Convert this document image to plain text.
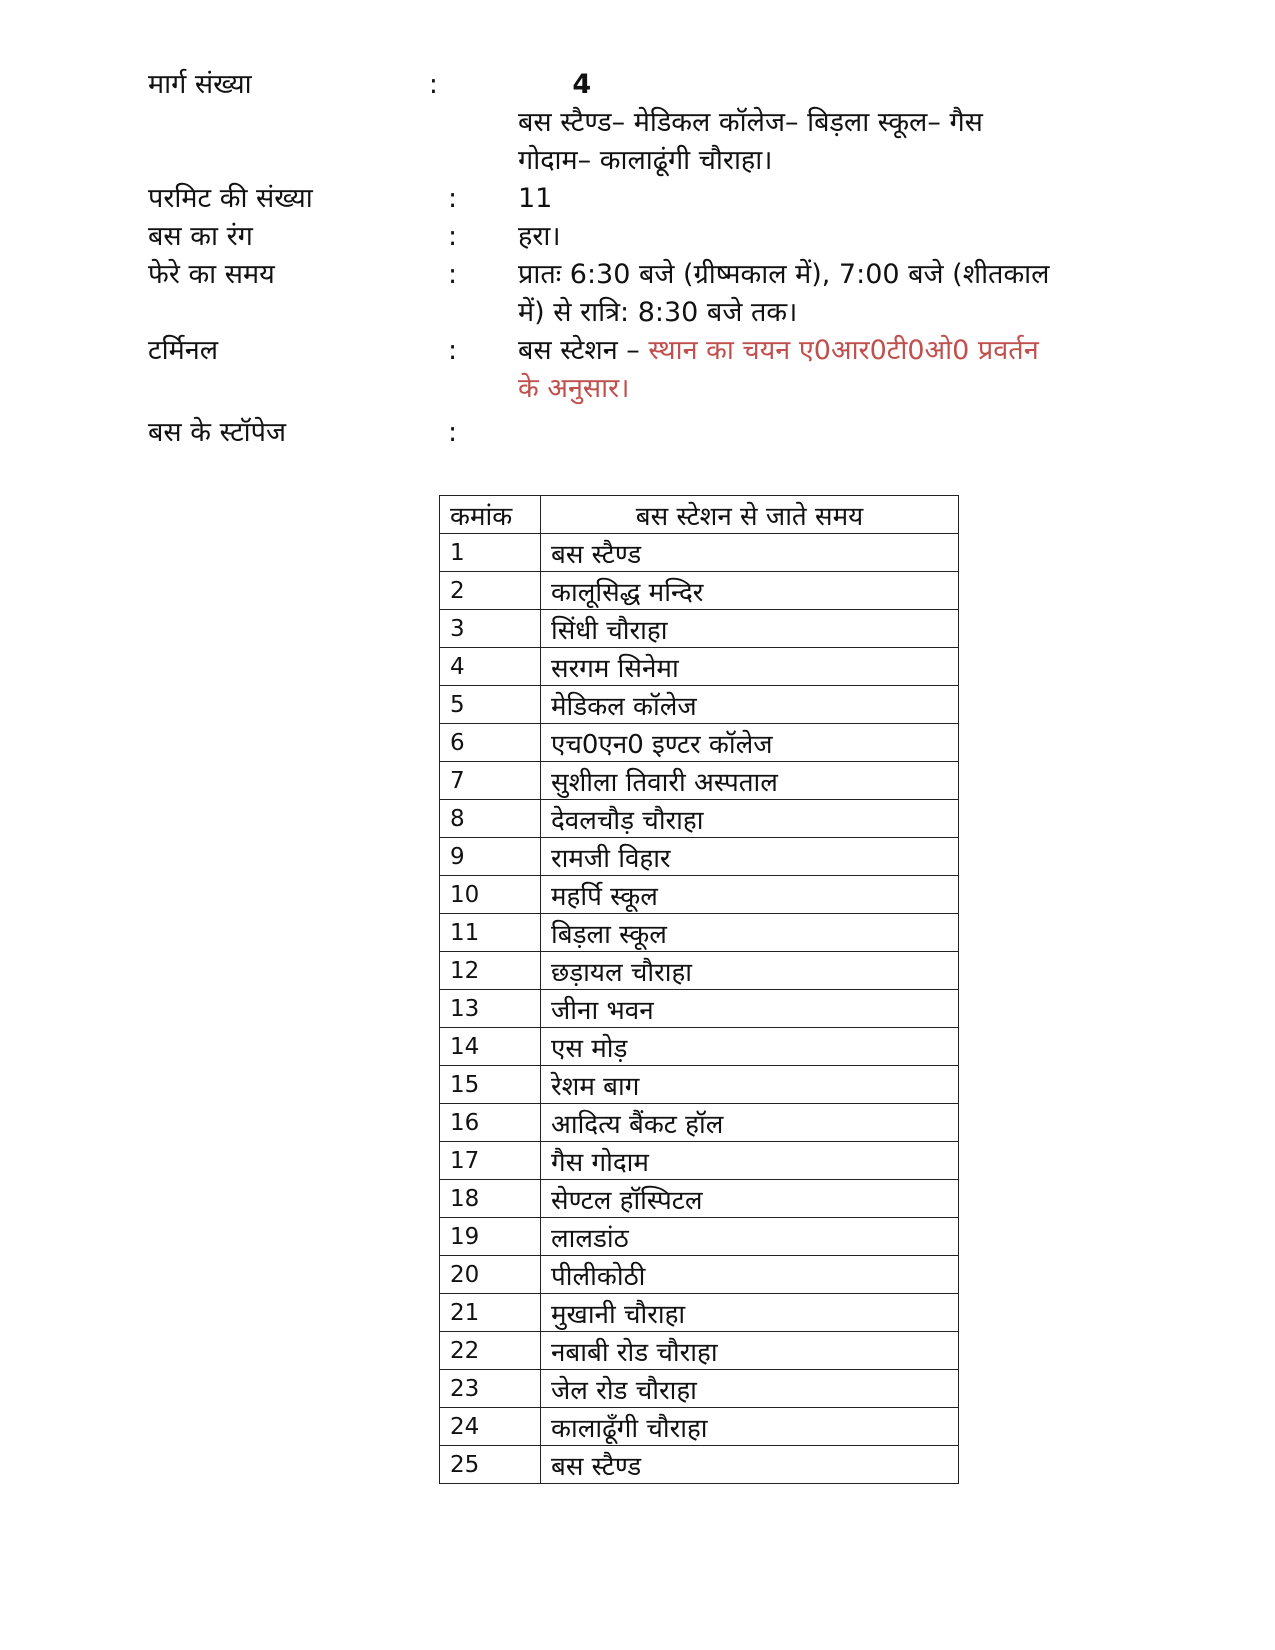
मार्ग संख्या	:	4
बस स्टैण्ड– मेडिकल कॉलेज– बिड़ला स्कूल– गैस गोदाम– कालाढूंगी चौराहा।
परमिट की संख्या	:	11
बस का रंग	:	हरा।
फेरे का समय	:	प्रातः 6:30 बजे (ग्रीष्मकाल में), 7:00 बजे (शीतकाल में) से रात्रि: 8:30 बजे तक।
टर्मिनल	:	बस स्टेशन – स्थान का चयन ए0आर0टी0ओ0 प्रवर्तन के अनुसार।
बस के स्टॉपेज	:
कमांक	बस स्टेशन से जाते समय
1	बस स्टैण्ड
2	कालूसिद्ध मन्दिर
3	सिंधी चौराहा
4	सरगम सिनेमा
5	मेडिकल कॉलेज
6	एच0एन0 इण्टर कॉलेज
7	सुशीला तिवारी अस्पताल
8	देवलचौड़ चौराहा
9	रामजी विहार
10	महर्पि स्कूल
11	बिड़ला स्कूल
12	छड़ायल चौराहा
13	जीना भवन
14	एस मोड़
15	रेशम बाग
16	आदित्य बैंकट हॉल
17	गैस गोदाम
18	सेण्टल हॉस्पिटल
19	लालडांठ
20	पीलीकोठी
21	मुखानी चौराहा
22	नबाबी रोड चौराहा
23	जेल रोड चौराहा
24	कालाढूँगी चौराहा
25	बस स्टैण्ड
